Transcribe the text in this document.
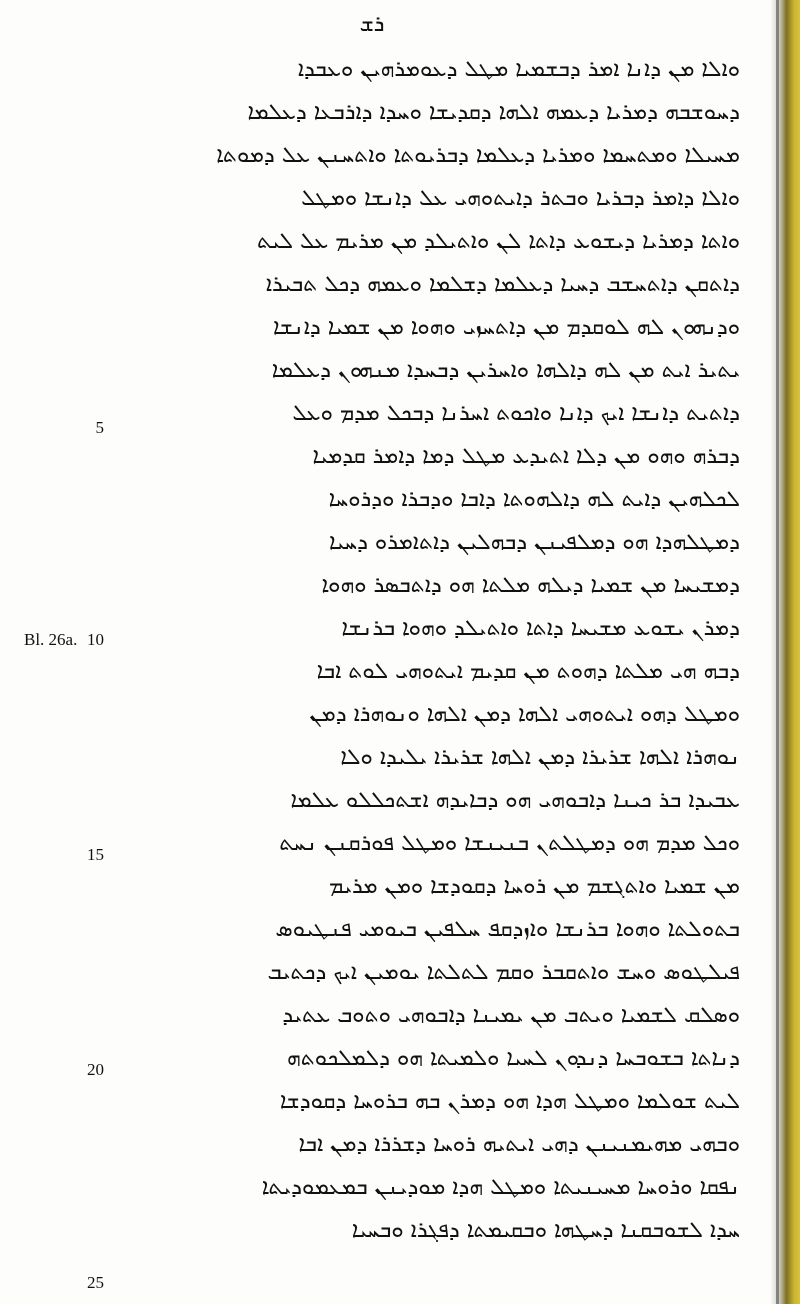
ܪܫ
Bl. 26a.
5
10
15
20
25
ܘܐܠܐ ܡܢ ܕܐܢܐ ܐܡܪ ܕܒܫܡܝܐ ܡܛܠ ܕܥܘܡܪܗܝܢ ܘܥܒܕܐ
ܕܚܘܫܒܗ ܕܡܪܝܐ ܕܥܡܗ ܐܠܗܐ ܕܩܕܝܫܐ ܘܚܕܐ ܕܐܪܒܥܐ ܕܥܠܡܐ
ܡܚܝܠܐ ܘܡܬܚܡܐ ܘܡܪܝܐ ܕܥܠܡܐ ܕܒܪܝܘܬܐ ܘܐܬܚܢܢ ܥܠ ܕܡܘܬܐ
ܘܐܠܐ ܕܐܡܪ ܕܒܪܝܐ ܘܒܬܪ ܕܐܝܬܘܗܝ ܥܠ ܕܐܢܫܐ ܘܡܛܠ
ܘܐܬܐ ܕܡܪܝܐ ܕܝܫܘܥ ܕܐܬܐ ܠܢ ܘܐܬܝܠܕ ܡܢ ܡܪܝܡ ܥܠ ܠܝܬ
ܕܐܬܩܢ ܕܐܬܚܫܒ ܕܚܝܐ ܕܥܠܡܐ ܕܫܠܡܐ ܘܥܡܗ ܕܟܠ ܬܒܝܪܐ
ܘܕܢܗܘܢ ܠܗ ܠܘܩܕܡ ܡܢ ܕܐܬܚܙܝ ܘܗܘܐ ܡܢ ܫܡܝܐ ܕܐܢܫܐ
ܝܬܝܪ ܐܝܬ ܡܢ ܠܗ ܕܐܠܗܐ ܘܐܚܪܝܢ ܕܒܚܕܐ ܡܢܗܘܢ ܕܥܠܡܐ
ܕܐܬܝܬ ܕܐܢܫܐ ܐܝܟ ܕܐܢܐ ܘܐܟܘܬ ܐܚܪܢܐ ܕܒܟܠ ܡܕܡ ܘܥܠ
ܕܒܪܗ ܘܗܘ ܡܢ ܕܠܐ ܐܬܝܕܥ ܡܛܠ ܕܡܐ ܕܐܡܪ ܩܕܡܝܐ
ܠܟܠܗܝܢ ܕܐܝܬ ܠܗ ܕܐܠܗܘܬܐ ܕܐܒܐ ܘܕܒܪܐ ܘܕܪܘܚܐ
ܕܡܛܠܗܕܐ ܗܘ ܕܡܠܦܝܢܢ ܕܒܗܠܝܢ ܕܐܬܐܡܪܘ ܕܚܝܐ
ܕܡܫܝܚܐ ܡܢ ܫܡܝܐ ܕܝܠܗ ܡܠܬܐ ܗܘ ܕܐܬܒܣܪ ܘܗܘܐ
ܕܡܪܢ ܝܫܘܥ ܡܫܝܚܐ ܕܐܬܐ ܘܐܬܝܠܕ ܘܗܘܐ ܒܪܢܫܐ
ܕܒܗ ܗܝ ܡܠܬܐ ܕܗܘܬ ܡܢ ܩܕܝܡ ܐܝܬܘܗܝ ܠܘܬ ܐܒܐ
ܘܡܛܠ ܕܗܘ ܐܝܬܘܗܝ ܐܠܗܐ ܕܡܢ ܐܠܗܐ ܘܢܘܗܪܐ ܕܡܢ
ܢܘܗܪܐ ܐܠܗܐ ܫܪܝܪܐ ܕܡܢ ܐܠܗܐ ܫܪܝܪܐ ܝܠܝܕܐ ܘܠܐ
ܥܒܝܕܐ ܒܪ ܟܝܢܐ ܕܐܒܘܗܝ ܗܘ ܕܒܐܝܕܗ ܐܫܬܟܠܠܘ ܥܠܡܐ
ܘܟܠ ܡܕܡ ܗܘ ܕܡܛܠܬܢ ܒܢܝܢܫܐ ܘܡܛܠ ܦܘܪܩܢܢ ܢܚܬ
ܡܢ ܫܡܝܐ ܘܐܬܓܫܡ ܡܢ ܪܘܚܐ ܕܩܘܕܫܐ ܘܡܢ ܡܪܝܡ
ܒܬܘܠܬܐ ܘܗܘܐ ܒܪܢܫܐ ܘܐܙܕܩܦ ܚܠܦܝܢ ܒܝܘܡܝ ܦܢܛܝܘܣ
ܦܝܠܛܘܣ ܘܚܫ ܘܐܬܩܒܪ ܘܩܡ ܠܬܠܬܐ ܝܘܡܝܢ ܐܝܟ ܕܟܬܝܒ
ܘܣܠܩ ܠܫܡܝܐ ܘܝܬܒ ܡܢ ܝܡܝܢܐ ܕܐܒܘܗܝ ܘܬܘܒ ܥܬܝܕ
ܕܢܐܬܐ ܒܫܘܒܚܐ ܕܢܕܘܢ ܠܚܝܐ ܘܠܡܝܬܐ ܗܘ ܕܠܡܠܟܘܬܗ
ܠܝܬ ܫܘܠܡܐ ܘܡܛܠ ܗܕܐ ܗܘ ܕܡܪܢ ܒܗ ܒܪܘܚܐ ܕܩܘܕܫܐ
ܘܒܗܝ ܡܗܝܡܢܝܢܢ ܕܗܝ ܐܝܬܝܗ ܪܘܚܐ ܕܫܪܪܐ ܕܡܢ ܐܒܐ
ܢܦܩܐ ܘܪܘܚܐ ܡܚܝܢܝܬܐ ܘܡܛܠ ܗܕܐ ܡܘܕܝܢܢ ܒܡܥܡܘܕܝܬܐ
ܚܕܐ ܠܫܘܒܩܢܐ ܕܚܛܗܐ ܘܒܩܝܡܬܐ ܕܦܓܪܐ ܘܒܚܝܐ
